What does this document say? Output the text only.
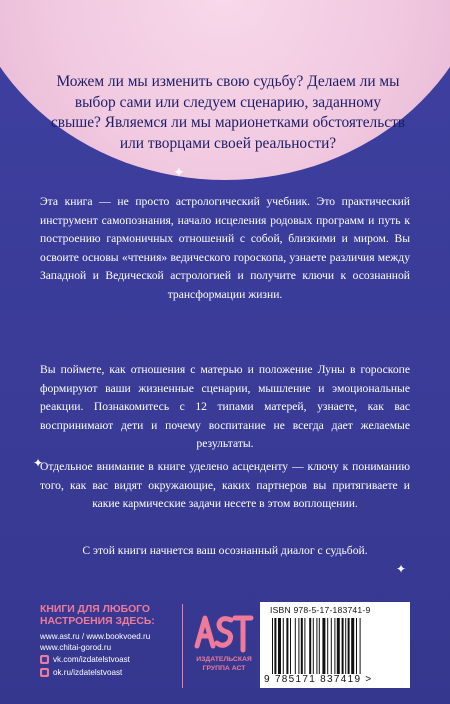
Можем ли мы изменить свою судьбу? Делаем ли мы выбор сами или следуем сценарию, заданному свыше? Являемся ли мы марионетками обстоятельств или творцами своей реальности?

✦

Эта книга — не просто астрологический учебник. Это практический инструмент самопознания, начало исцеления родовых программ и путь к построению гармоничных отношений с собой, близкими и миром. Вы освоите основы «чтения» ведического гороскопа, узнаете различия между Западной и Ведической астрологией и получите ключи к осознанной трансформации жизни.

Вы поймете, как отношения с матерью и положение Луны в гороскопе формируют ваши жизненные сценарии, мышление и эмоциональные реакции. Познакомитесь с 12 типами матерей, узнаете, как вас воспринимают дети и почему воспитание не всегда дает желаемые результаты.

✦

Отдельное внимание в книге уделено асценденту — ключу к пониманию того, как вас видят окружающие, каких партнеров вы притягиваете и какие кармические задачи несете в этом воплощении.

✦

С этой книги начнется ваш осознанный диалог с судьбой.

КНИГИ ДЛЯ ЛЮБОГО НАСТРОЕНИЯ ЗДЕСЬ:

www.ast.ru / www.bookvoed.ru
www.chitai-gorod.ru

vk.com/izdatelstvoast
ok.ru/izdatelstvoast
ИЗДАТЕЛЬСКАЯ ГРУППА АСТ
ISBN 978-5-17-183741-9
9 785171 837419 >
